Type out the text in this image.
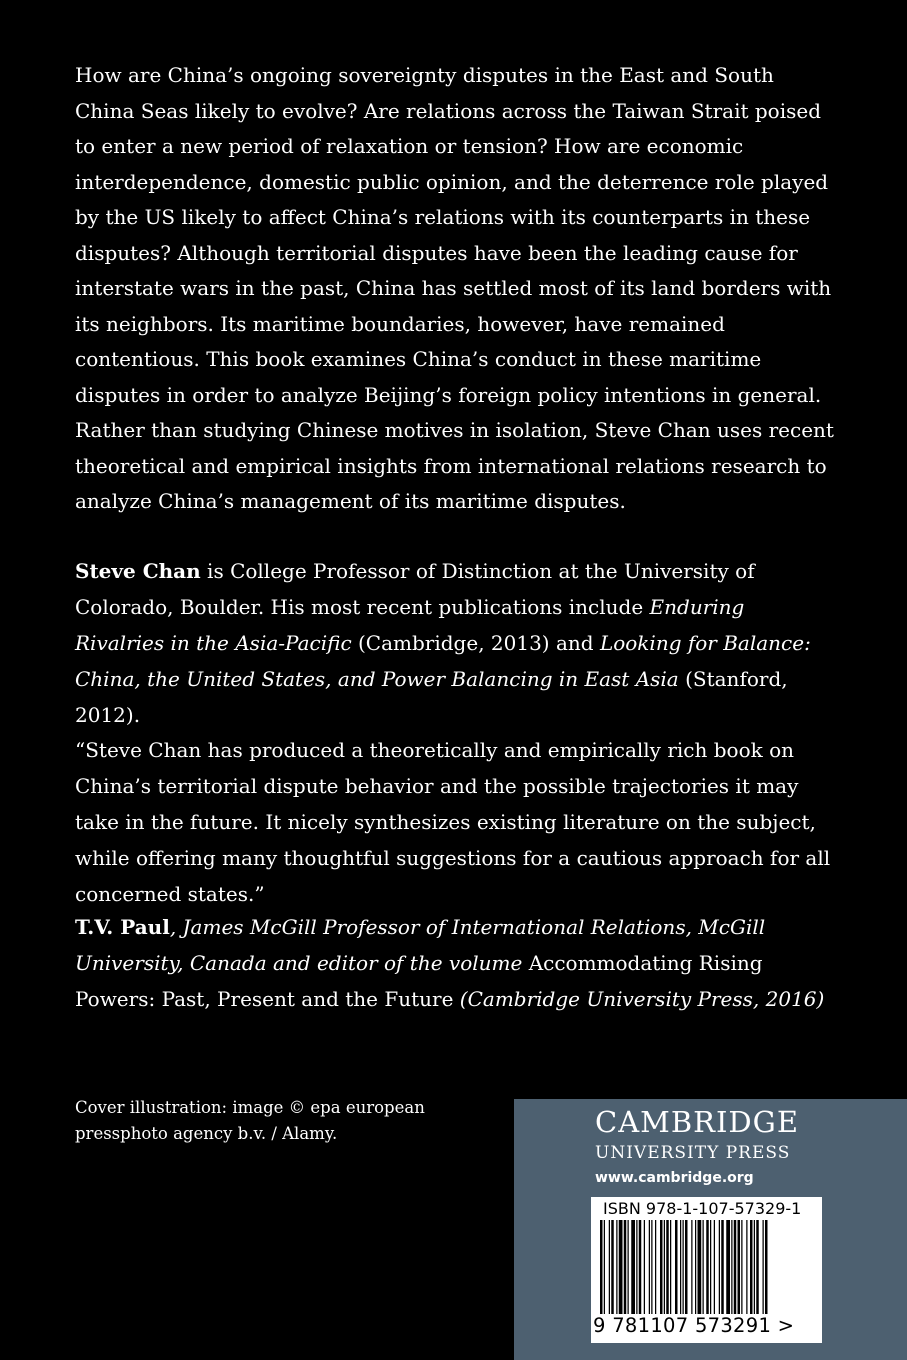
How are China’s ongoing sovereignty disputes in the East and South China Seas likely to evolve? Are relations across the Taiwan Strait poised to enter a new period of relaxation or tension? How are economic interdependence, domestic public opinion, and the deterrence role played by the US likely to affect China’s relations with its counterparts in these disputes? Although territorial disputes have been the leading cause for interstate wars in the past, China has settled most of its land borders with its neighbors. Its maritime boundaries, however, have remained contentious. This book examines China’s conduct in these maritime disputes in order to analyze Beijing’s foreign policy intentions in general. Rather than studying Chinese motives in isolation, Steve Chan uses recent theoretical and empirical insights from international relations research to analyze China’s management of its maritime disputes.

Steve Chan is College Professor of Distinction at the University of Colorado, Boulder. His most recent publications include Enduring Rivalries in the Asia-Pacific (Cambridge, 2013) and Looking for Balance: China, the United States, and Power Balancing in East Asia (Stanford, 2012).

“Steve Chan has produced a theoretically and empirically rich book on China’s territorial dispute behavior and the possible trajectories it may take in the future. It nicely synthesizes existing literature on the subject, while offering many thoughtful suggestions for a cautious approach for all concerned states.”

T.V. Paul, James McGill Professor of International Relations, McGill University, Canada and editor of the volume Accommodating Rising Powers: Past, Present and the Future (Cambridge University Press, 2016)

Cover illustration: image © epa european pressphoto agency b.v. / Alamy.	CAMBRIDGE
UNIVERSITY PRESS
www.cambridge.org
ISBN 978-1-107-57329-1
9 781107 573291 >
